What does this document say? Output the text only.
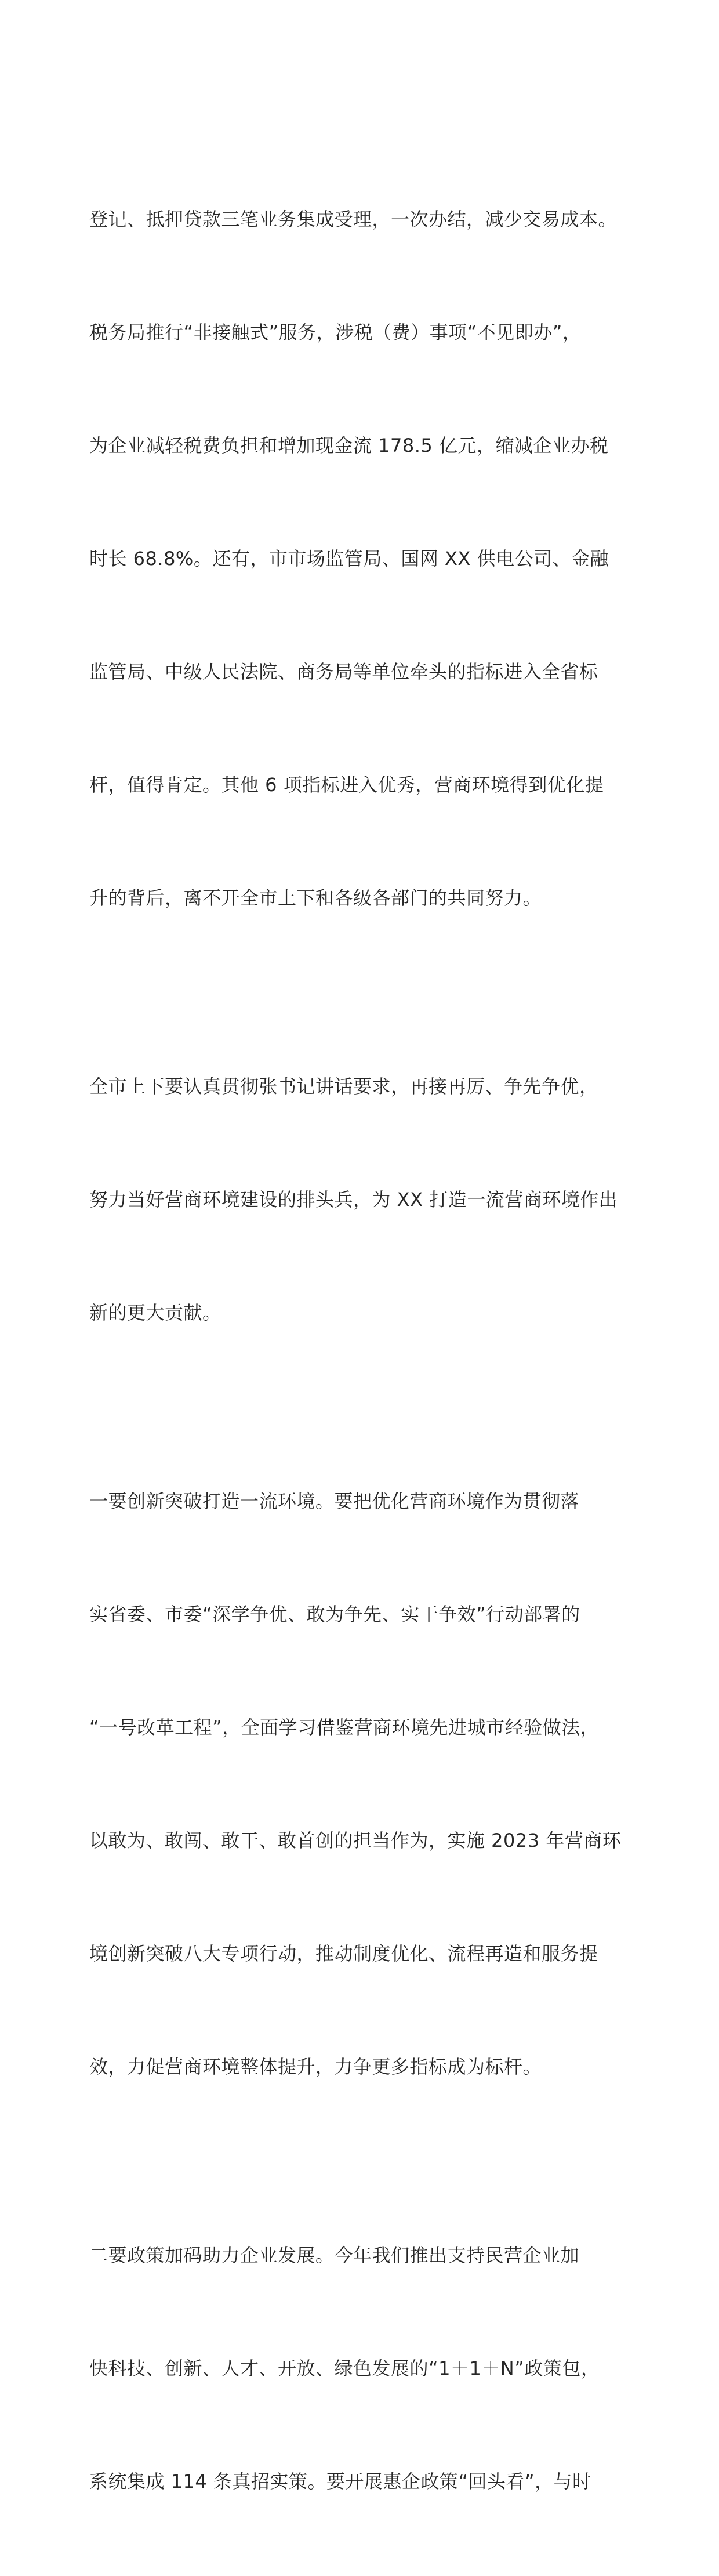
登记、抵押贷款三笔业务集成受理，一次办结，减少交易成本。

税务局推行“非接触式”服务，涉税（费）事项“不见即办”，

为企业减轻税费负担和增加现金流 178.5 亿元，缩减企业办税

时长 68.8%。还有，市市场监管局、国网 XX 供电公司、金融

监管局、中级人民法院、商务局等单位牵头的指标进入全省标

杆，值得肯定。其他 6 项指标进入优秀，营商环境得到优化提

升的背后，离不开全市上下和各级各部门的共同努力。

全市上下要认真贯彻张书记讲话要求，再接再厉、争先争优，

努力当好营商环境建设的排头兵，为 XX 打造一流营商环境作出

新的更大贡献。

一要创新突破打造一流环境。要把优化营商环境作为贯彻落

实省委、市委“深学争优、敢为争先、实干争效”行动部署的

“一号改革工程”，全面学习借鉴营商环境先进城市经验做法，

以敢为、敢闯、敢干、敢首创的担当作为，实施 2023 年营商环

境创新突破八大专项行动，推动制度优化、流程再造和服务提

效，力促营商环境整体提升，力争更多指标成为标杆。

二要政策加码助力企业发展。今年我们推出支持民营企业加

快科技、创新、人才、开放、绿色发展的“1＋1＋N”政策包，

系统集成 114 条真招实策。要开展惠企政策“回头看”，与时
